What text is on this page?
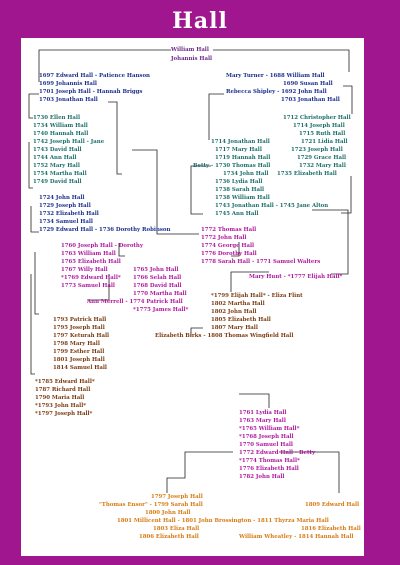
Hall
William Hall
Johannis Hall
1697 Edward Hall - Patience Hanson
1699 Johannis Hall
1701 Joseph Hall - Hannah Briggs
1703 Jonathan Hall
Mary Turner - 1688 William Hall
1690 Susan Hall
Rebecca Shipley - 1692 John Hall
1703 Jonathan Hall
1730 Ellen Hall
1734 William Hall
1740 Hannah Hall
1742 Joseph Hall - Jane
1743 David Hall
1744 Ann Hall
1752 Mary Hall
1754 Martha Hall
1749 David Hall
1712 Christopher Hall
1714 Joseph Hall
1715 Ruth Hall
1714 Jonathan Hall	1721 Lidia Hall
1717 Mary Hall	1723 Joseph Hall
1719 Hannah Hall	1729 Grace Hall
Betty - 1730 Thomas Hall	1732 Mary Hall
1734 John Hall 1735 Elizabeth Hall
1736 Lydia Hall
1738 Sarah Hall
1738 William Hall
1743 Jonathan Hall - 1745 Jane Alton
1745 Ann Hall
1724 John Hall
1729 Joseph Hall
1732 Elizabeth Hall
1734 Samuel Hall
1729 Edward Hall - 1736 Dorothy Robinson	1772 Thomas Hall
1772 John Hall
1774 George Hall
1776 Dorothy Hall
1778 Sarah Hall - 1771 Samuel Walters
1760 Joseph Hall - Dorothy
1763 William Hall
1765 Elizabeth Hall
1767 Willy Hall
*1769 Edward Hall*
1773 Samuel Hall
1765 John Hall
1766 Selah Hall
1768 David Hall
1770 Martha Hall
Ann Merrell - 1774 Patrick Hall
*1775 James Hall*
Mary Hunt - *1777 Elijah Hall*
*1799 Elijah Hall* - Eliza Flint
1802 Martha Hall
1802 John Hall
1805 Elizabeth Hall
1807 Mary Hall
Elizabeth Birks - 1808 Thomas Wingfield Hall
1793 Patrick Hall
1795 Joseph Hall
1797 Keturah Hall
1798 Mary Hall
1799 Esther Hall
1801 Joseph Hall
1814 Samuel Hall
*1785 Edward Hall*
1787 Richard Hall
1790 Maria Hall
*1793 John Hall*
*1797 Joseph Hall*	1761 Lydia Hall
1763 Mary Hall
*1765 William Hall*
*1768 Joseph Hall
1770 Samuel Hall
1772 Edward Hall - Betty
*1774 Thomas Hall*
1776 Elizabeth Hall
1782 John Hall
1797 Joseph Hall
"Thomas Ensor" - 1799 Sarah Hall
1800 John Hall
1801 Millicent Hall - 1801 John Brossington - 1811 Thyrza Maria Hall
1803 Eliza Hall
1806 Elizabeth Hall
1809 Edward Hall
1816 Elizabeth Hall
William Wheatley - 1814 Hannah Hall
